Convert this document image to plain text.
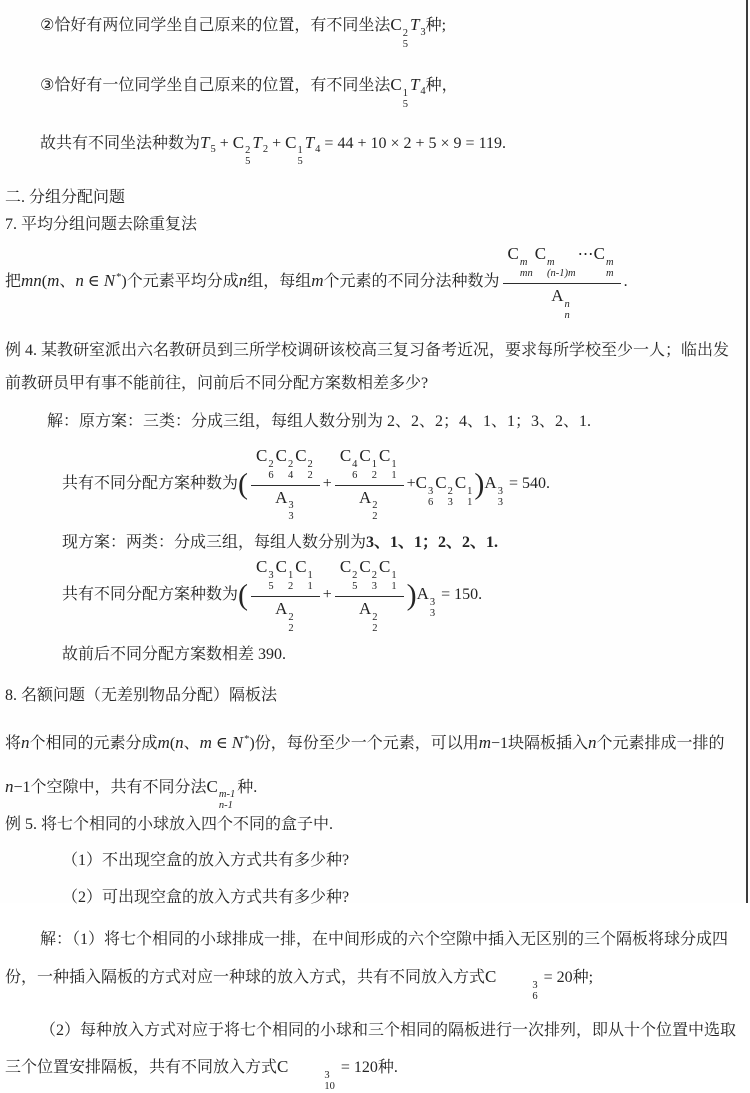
②恰好有两位同学坐自己原来的位置，有不同坐法C 2
5
$T_3$种;

③恰好有一位同学坐自己原来的位置，有不同坐法C 1
5
$T_4$种，

故共有不同坐法种数为$T_5 + C$ 2
5
$T_2 + C$ 1
5
$T_4 = 44 + 10 \times 2 + 5 \times 9 = 119$.

二. 分组分配问题

7. 平均分组问题去除重复法

把mn(m、n ∈ N*)个元素平均分成n组，每组m个元素的不同分法种数为 C m
mn
C m
(n-1)m
⋯C m
m
A n
n .

例 4. 某教研室派出六名教研员到三所学校调研该校高三复习备考近况，要求每所学校至少一人；临出发前教研员甲有事不能前往，问前后不同分配方案数相差多少?

解：原方案：三类：分成三组，每组人数分别为 2、2、2；4、1、1；3、2、1.

共有不同分配方案种数为( C 2
6
C 2
4
C 2
2
A 3
3 + C 4
6
C 1
2
C 1
1
A 2
2 +C 3
6
C 2
3
C 1
1
)A 3
3
= 540.

现方案：两类：分成三组，每组人数分别为3、1、1；2、2、1.

共有不同分配方案种数为( C 3
5
C 1
2
C 1
1
A 2
2 + C 2
5
C 2
3
C 1
1
A 2
2 )A 3
3
= 150.

故前后不同分配方案数相差 390.

8. 名额问题（无差别物品分配）隔板法

将n个相同的元素分成m(n、m ∈ N*)份，每份至少一个元素，可以用m−1块隔板插入n个元素排成一排的n−1个空隙中，共有不同分法C m-1
n-1
种.

例 5. 将七个相同的小球放入四个不同的盒子中.

（1）不出现空盒的放入方式共有多少种?

（2）可出现空盒的放入方式共有多少种?

解：（1）将七个相同的小球排成一排，在中间形成的六个空隙中插入无区别的三个隔板将球分成四份，一种插入隔板的方式对应一种球的放入方式，共有不同放入方式C	3
6
= 20种;

（2）每种放入方式对应于将七个相同的小球和三个相同的隔板进行一次排列，即从十个位置中选取三个位置安排隔板，共有不同放入方式C	3
10
= 120种.
